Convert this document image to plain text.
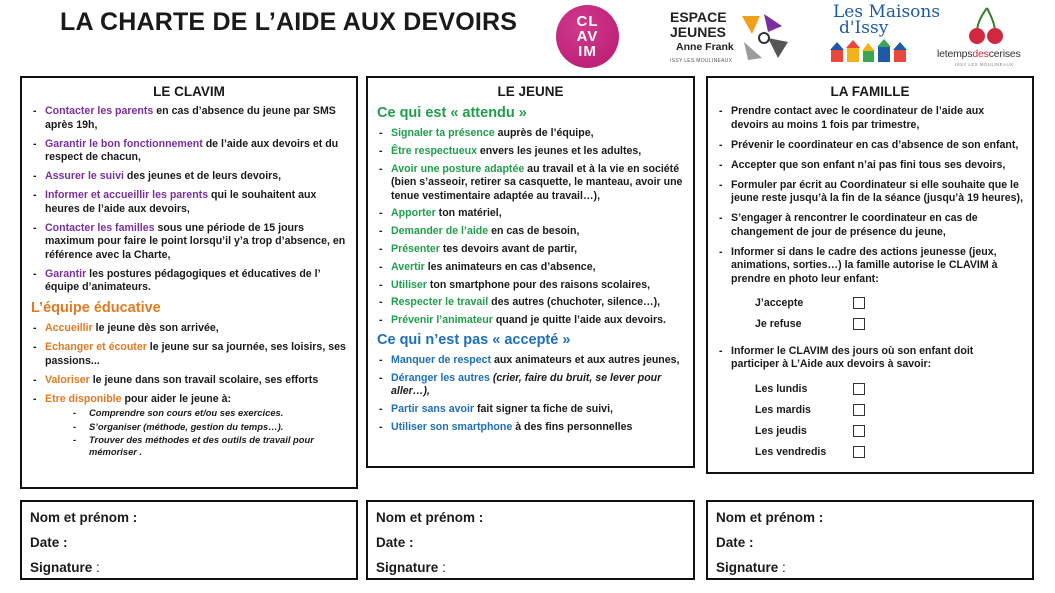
LA CHARTE DE L’AIDE AUX DEVOIRS	CL
AV
IM
ESPACE
JEUNES
Anne Frank
ISSY LES MOULINEAUX
Les Maisons
d'Issy
letempsdescerises
ISSY LES MOULINEAUX
LE CLAVIM
- Contacter les parents en cas d’absence du jeune par SMS après 19h,
- Garantir le bon fonctionnement de l’aide aux devoirs et du respect de chacun,
- Assurer le suivi des jeunes et de leurs devoirs,
- Informer et accueillir les parents qui le souhaitent aux heures de l’aide aux devoirs,
- Contacter les familles sous une période de 15 jours maximum pour faire le point lorsqu’il y’a trop d’absence, en référence avec la Charte,
- Garantir les postures pédagogiques et éducatives de l’ équipe d’animateurs.
L’équipe éducative
- Accueillir le jeune dès son arrivée,
- Echanger et écouter le jeune sur sa journée, ses loisirs, ses passions...
- Valoriser le jeune dans son travail scolaire, ses efforts
- Etre disponible pour aider le jeune à:
- Comprendre son cours et/ou ses exercices.
- S’organiser (méthode, gestion du temps…).
- Trouver des méthodes et des outils de travail pour mémoriser .
LE JEUNE
Ce qui est « attendu »
- Signaler ta présence auprès de l’équipe,
- Être respectueux envers les jeunes et les adultes,
- Avoir une posture adaptée au travail et à la vie en société (bien s’asseoir, retirer sa casquette, le manteau, avoir une tenue vestimentaire adaptée au travail…),
- Apporter ton matériel,
- Demander de l’aide en cas de besoin,
- Présenter tes devoirs avant de partir,
- Avertir les animateurs en cas d’absence,
- Utiliser ton smartphone pour des raisons scolaires,
- Respecter le travail des autres (chuchoter, silence…),
- Prévenir l’animateur quand je quitte l’aide aux devoirs.
Ce qui n’est pas « accepté »
- Manquer de respect aux animateurs et aux autres jeunes,
- Déranger les autres (crier, faire du bruit, se lever pour aller…),
- Partir sans avoir fait signer ta fiche de suivi,
- Utiliser son smartphone à des fins personnelles
LA FAMILLE
- Prendre contact avec le coordinateur de l’aide aux devoirs au moins 1 fois par trimestre,
- Prévenir le coordinateur en cas d’absence de son enfant,
- Accepter que son enfant n’ai pas fini tous ses devoirs,
- Formuler par écrit au Coordinateur si elle souhaite que le jeune reste jusqu’à la fin de la séance (jusqu’à 19 heures),
- S’engager à rencontrer le coordinateur en cas de changement de jour de présence du jeune,
- Informer si dans le cadre des actions jeunesse (jeux, animations, sorties…) la famille autorise le CLAVIM à prendre en photo leur enfant:
J’accepte
Je refuse
- Informer le CLAVIM des jours où son enfant doit participer à L’Aide aux devoirs à savoir:
Les lundis
Les mardis
Les jeudis
Les vendredis
Nom et prénom :
Date :
Signature :
Nom et prénom :
Date :
Signature :
Nom et prénom :
Date :
Signature :
